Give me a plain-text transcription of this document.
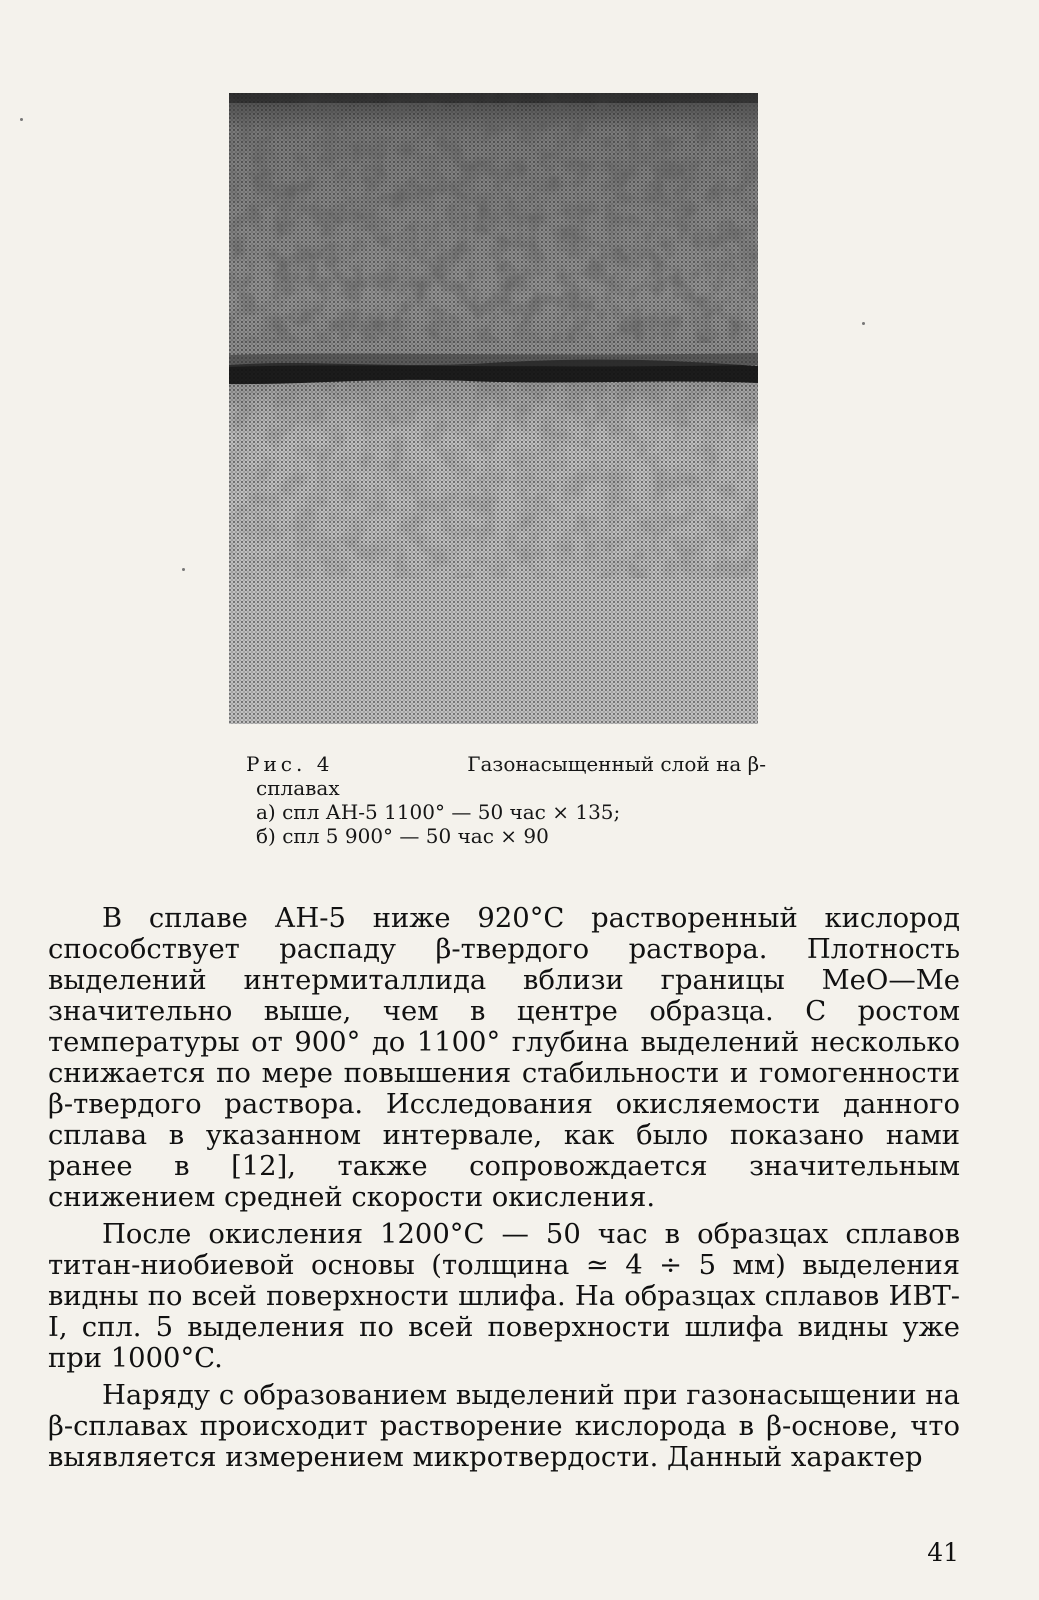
Рис. 4	Газонасыщенный слой на β-
сплавах
а) спл АН-5 1100° — 50 час × 135;
б) спл 5 900° — 50 час × 90

В сплаве АН-5 ниже 920°C растворенный кислород способствует распаду β-твердого раствора. Плотность выделений интермиталлида вблизи границы MeO—Me значительно выше, чем в центре образца. С ростом температуры от 900° до 1100° глубина выделений несколько снижается по мере повышения стабильности и гомогенности β-твердого раствора. Исследования окисляемости данного сплава в указанном интервале, как было показано нами ранее в [12], также сопровождается значительным снижением средней скорости окисления.

После окисления 1200°C — 50 час в образцах сплавов титан-ниобиевой основы (толщина ≃ 4 ÷ 5 мм) выделения видны по всей поверхности шлифа. На образцах сплавов ИВТ-I, спл. 5 выделения по всей поверхности шлифа видны уже при 1000°C.

Наряду с образованием выделений при газонасыщении на β-сплавах происходит растворение кислорода в β-основе, что выявляется измерением микротвердости. Данный характер

41
